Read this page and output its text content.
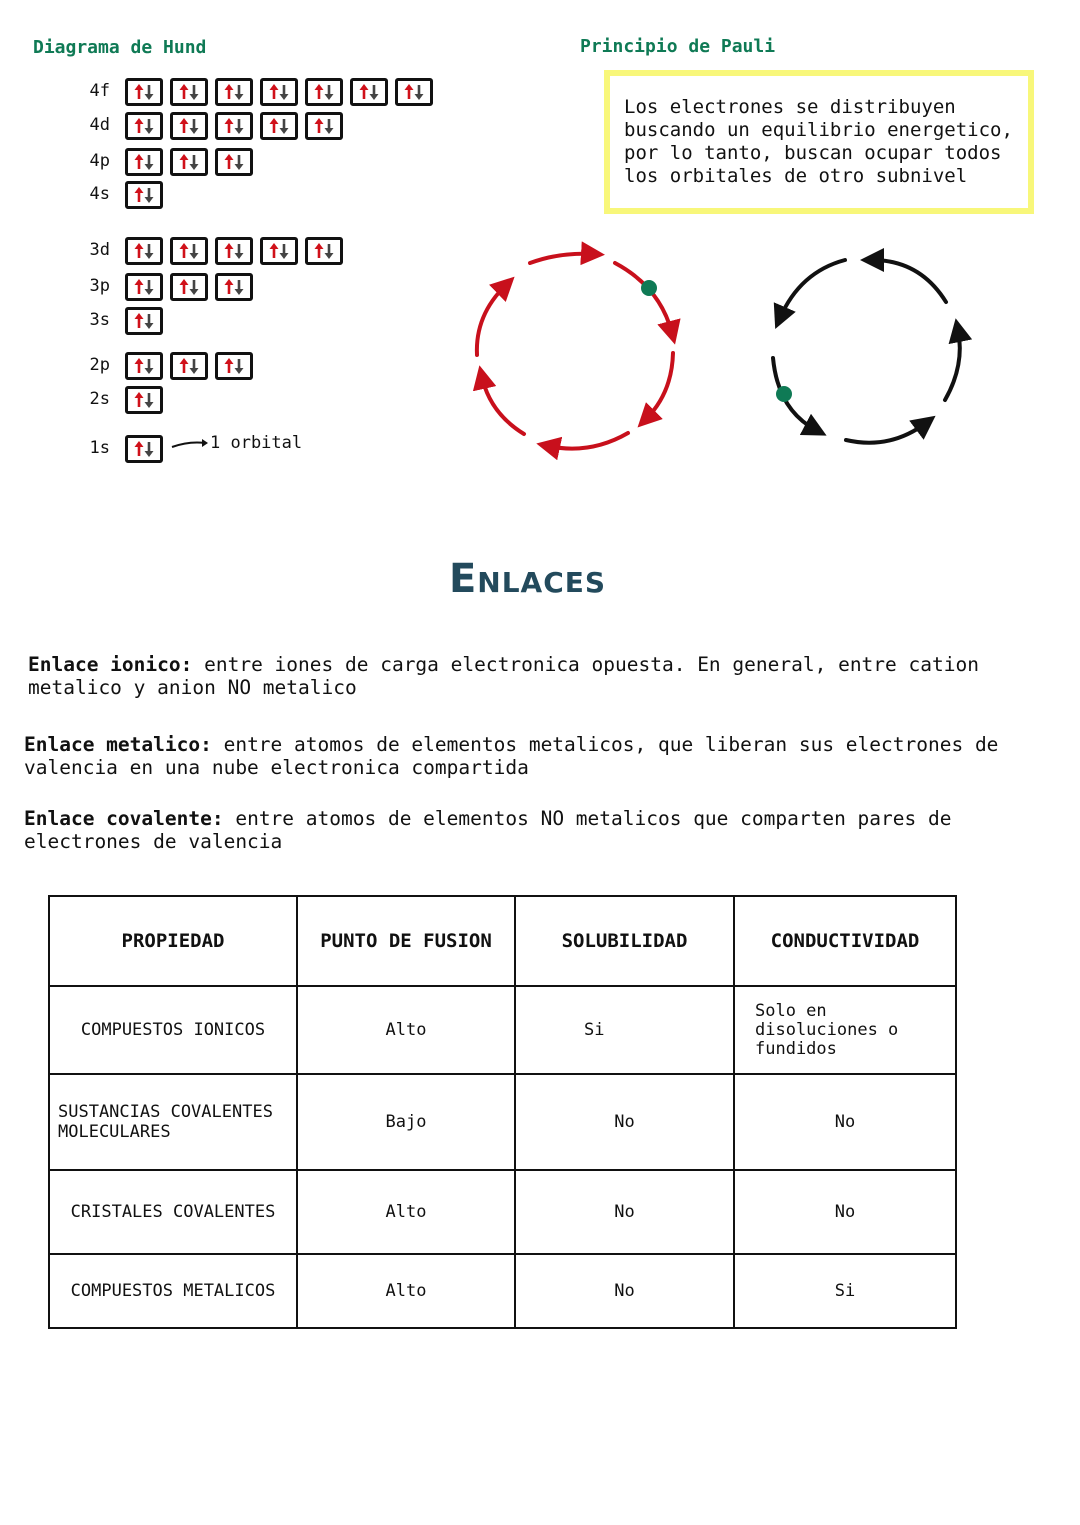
Diagrama de Hund
4f
4d
4p
4s
3d
3p
3s
2p
2s
1s	1 orbital
Principio de Pauli
Los electrones se distribuyen
buscando un equilibrio energetico,
por lo tanto, buscan ocupar todos
los orbitales de otro subnivel
Enlaces
Enlace ionico: entre iones de carga electronica opuesta. En general, entre cation metalico y anion NO metalico
Enlace metalico: entre atomos de elementos metalicos, que liberan sus electrones de valencia en una nube electronica compartida
Enlace covalente: entre atomos de elementos NO metalicos que comparten pares de electrones de valencia
PROPIEDAD	PUNTO DE FUSION	SOLUBILIDAD	CONDUCTIVIDAD

COMPUESTOS IONICOS	Alto	Si	Solo en disoluciones o fundidos

SUSTANCIAS COVALENTES MOLECULARES	Bajo	No	No

CRISTALES COVALENTES	Alto	No	No

COMPUESTOS METALICOS	Alto	No	Si
